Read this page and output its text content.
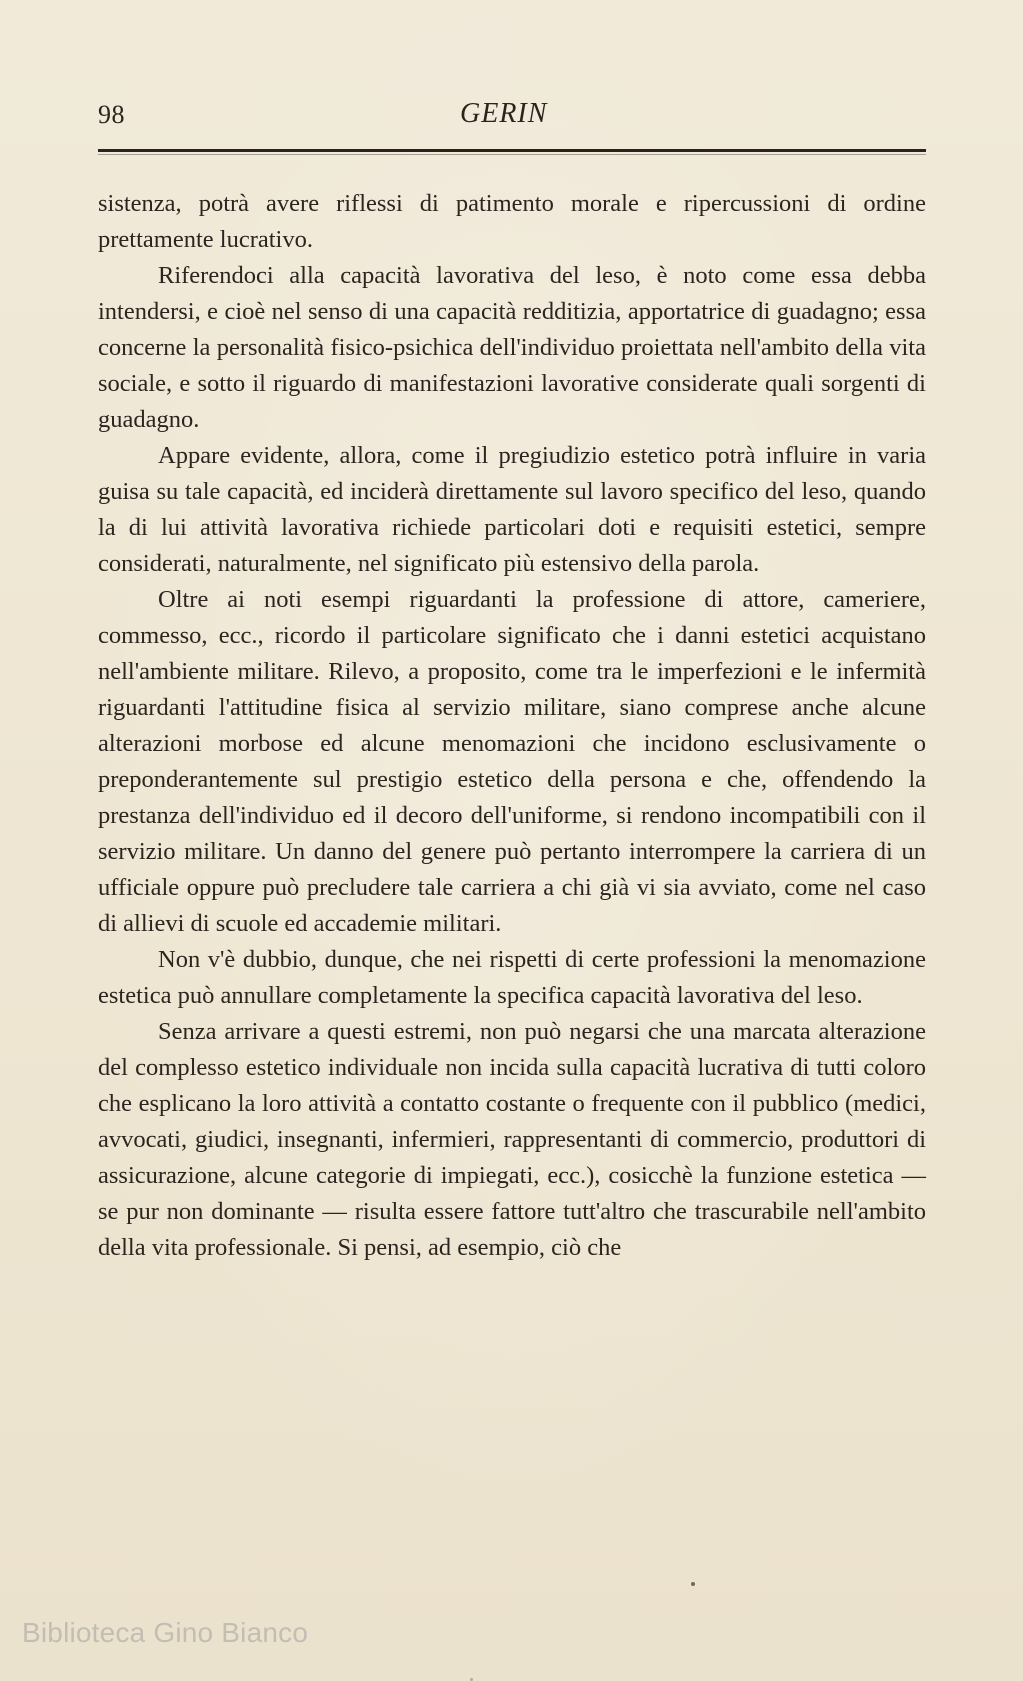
98	GERIN

sistenza, potrà avere riflessi di patimento morale e ripercussioni di ordine prettamente lucrativo.

Riferendoci alla capacità lavorativa del leso, è noto come essa debba intendersi, e cioè nel senso di una capacità redditizia, apportatrice di guadagno; essa concerne la personalità fisico-psichica dell'individuo proiettata nell'ambito della vita sociale, e sotto il riguardo di manifestazioni lavorative considerate quali sorgenti di guadagno.

Appare evidente, allora, come il pregiudizio estetico potrà influire in varia guisa su tale capacità, ed inciderà direttamente sul lavoro specifico del leso, quando la di lui attività lavorativa richiede particolari doti e requisiti estetici, sempre considerati, naturalmente, nel significato più estensivo della parola.

Oltre ai noti esempi riguardanti la professione di attore, cameriere, commesso, ecc., ricordo il particolare significato che i danni estetici acquistano nell'ambiente militare. Rilevo, a proposito, come tra le imperfezioni e le infermità riguardanti l'attitudine fisica al servizio militare, siano comprese anche alcune alterazioni morbose ed alcune menomazioni che incidono esclusivamente o preponderantemente sul prestigio estetico della persona e che, offendendo la prestanza dell'individuo ed il decoro dell'uniforme, si rendono incompatibili con il servizio militare. Un danno del genere può pertanto interrompere la carriera di un ufficiale oppure può precludere tale carriera a chi già vi sia avviato, come nel caso di allievi di scuole ed accademie militari.

Non v'è dubbio, dunque, che nei rispetti di certe professioni la menomazione estetica può annullare completamente la specifica capacità lavorativa del leso.

Senza arrivare a questi estremi, non può negarsi che una marcata alterazione del complesso estetico individuale non incida sulla capacità lucrativa di tutti coloro che esplicano la loro attività a contatto costante o frequente con il pubblico (medici, avvocati, giudici, insegnanti, infermieri, rappresentanti di commercio, produttori di assicurazione, alcune categorie di impiegati, ecc.), cosicchè la funzione estetica — se pur non dominante — risulta essere fattore tutt'altro che trascurabile nell'ambito della vita professionale. Si pensi, ad esempio, ciò che

Biblioteca Gino Bianco
